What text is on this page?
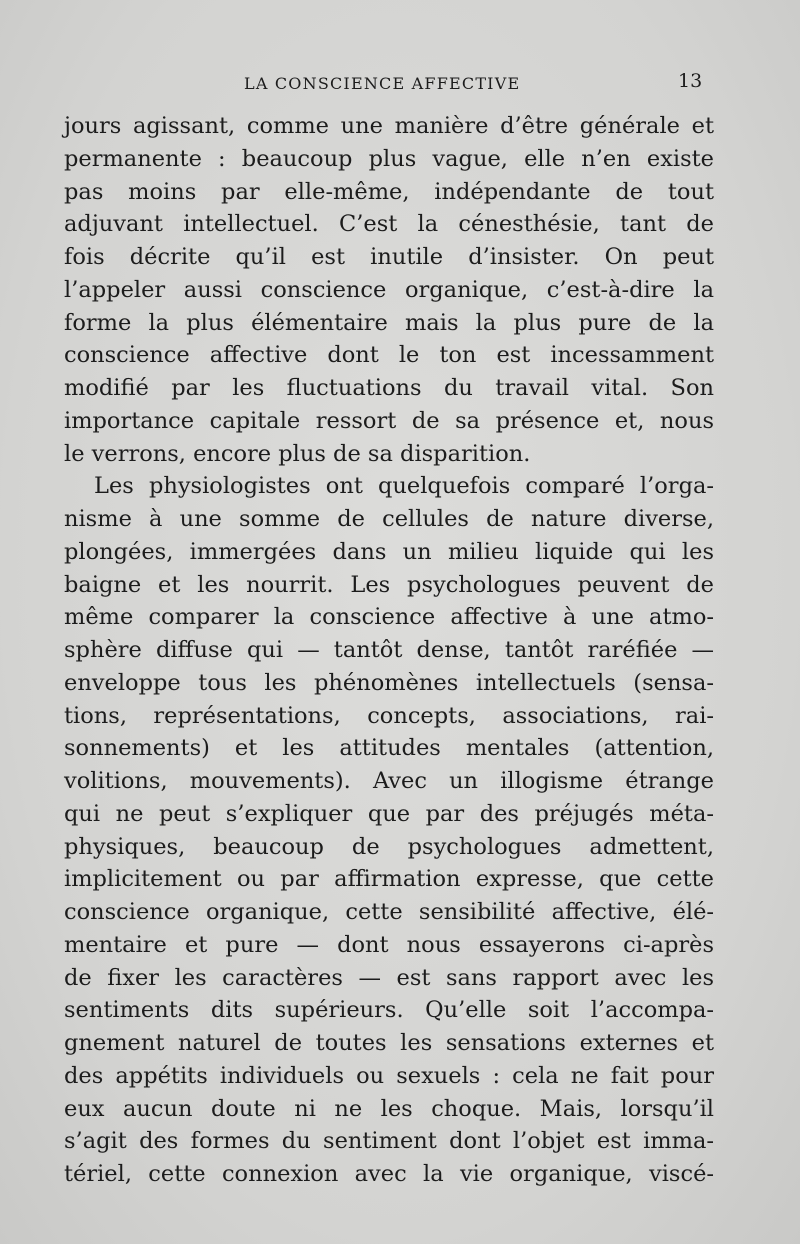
LA CONSCIENCE AFFECTIVE	13
jours agissant, comme une manière d’être générale et
permanente : beaucoup plus vague, elle n’en existe
pas moins par elle-même, indépendante de tout
adjuvant intellectuel. C’est la cénesthésie, tant de
fois décrite qu’il est inutile d’insister. On peut
l’appeler aussi conscience organique, c’est-à-dire la
forme la plus élémentaire mais la plus pure de la
conscience affective dont le ton est incessamment
modifié par les fluctuations du travail vital. Son
importance capitale ressort de sa présence et, nous
le verrons, encore plus de sa disparition.
Les physiologistes ont quelquefois comparé l’orga-
nisme à une somme de cellules de nature diverse,
plongées, immergées dans un milieu liquide qui les
baigne et les nourrit. Les psychologues peuvent de
même comparer la conscience affective à une atmo-
sphère diffuse qui — tantôt dense, tantôt raréfiée —
enveloppe tous les phénomènes intellectuels (sensa-
tions, représentations, concepts, associations, rai-
sonnements) et les attitudes mentales (attention,
volitions, mouvements). Avec un illogisme étrange
qui ne peut s’expliquer que par des préjugés méta-
physiques, beaucoup de psychologues admettent,
implicitement ou par affirmation expresse, que cette
conscience organique, cette sensibilité affective, élé-
mentaire et pure — dont nous essayerons ci-après
de fixer les caractères — est sans rapport avec les
sentiments dits supérieurs. Qu’elle soit l’accompa-
gnement naturel de toutes les sensations externes et
des appétits individuels ou sexuels : cela ne fait pour
eux aucun doute ni ne les choque. Mais, lorsqu’il
s’agit des formes du sentiment dont l’objet est imma-
tériel, cette connexion avec la vie organique, viscé-
